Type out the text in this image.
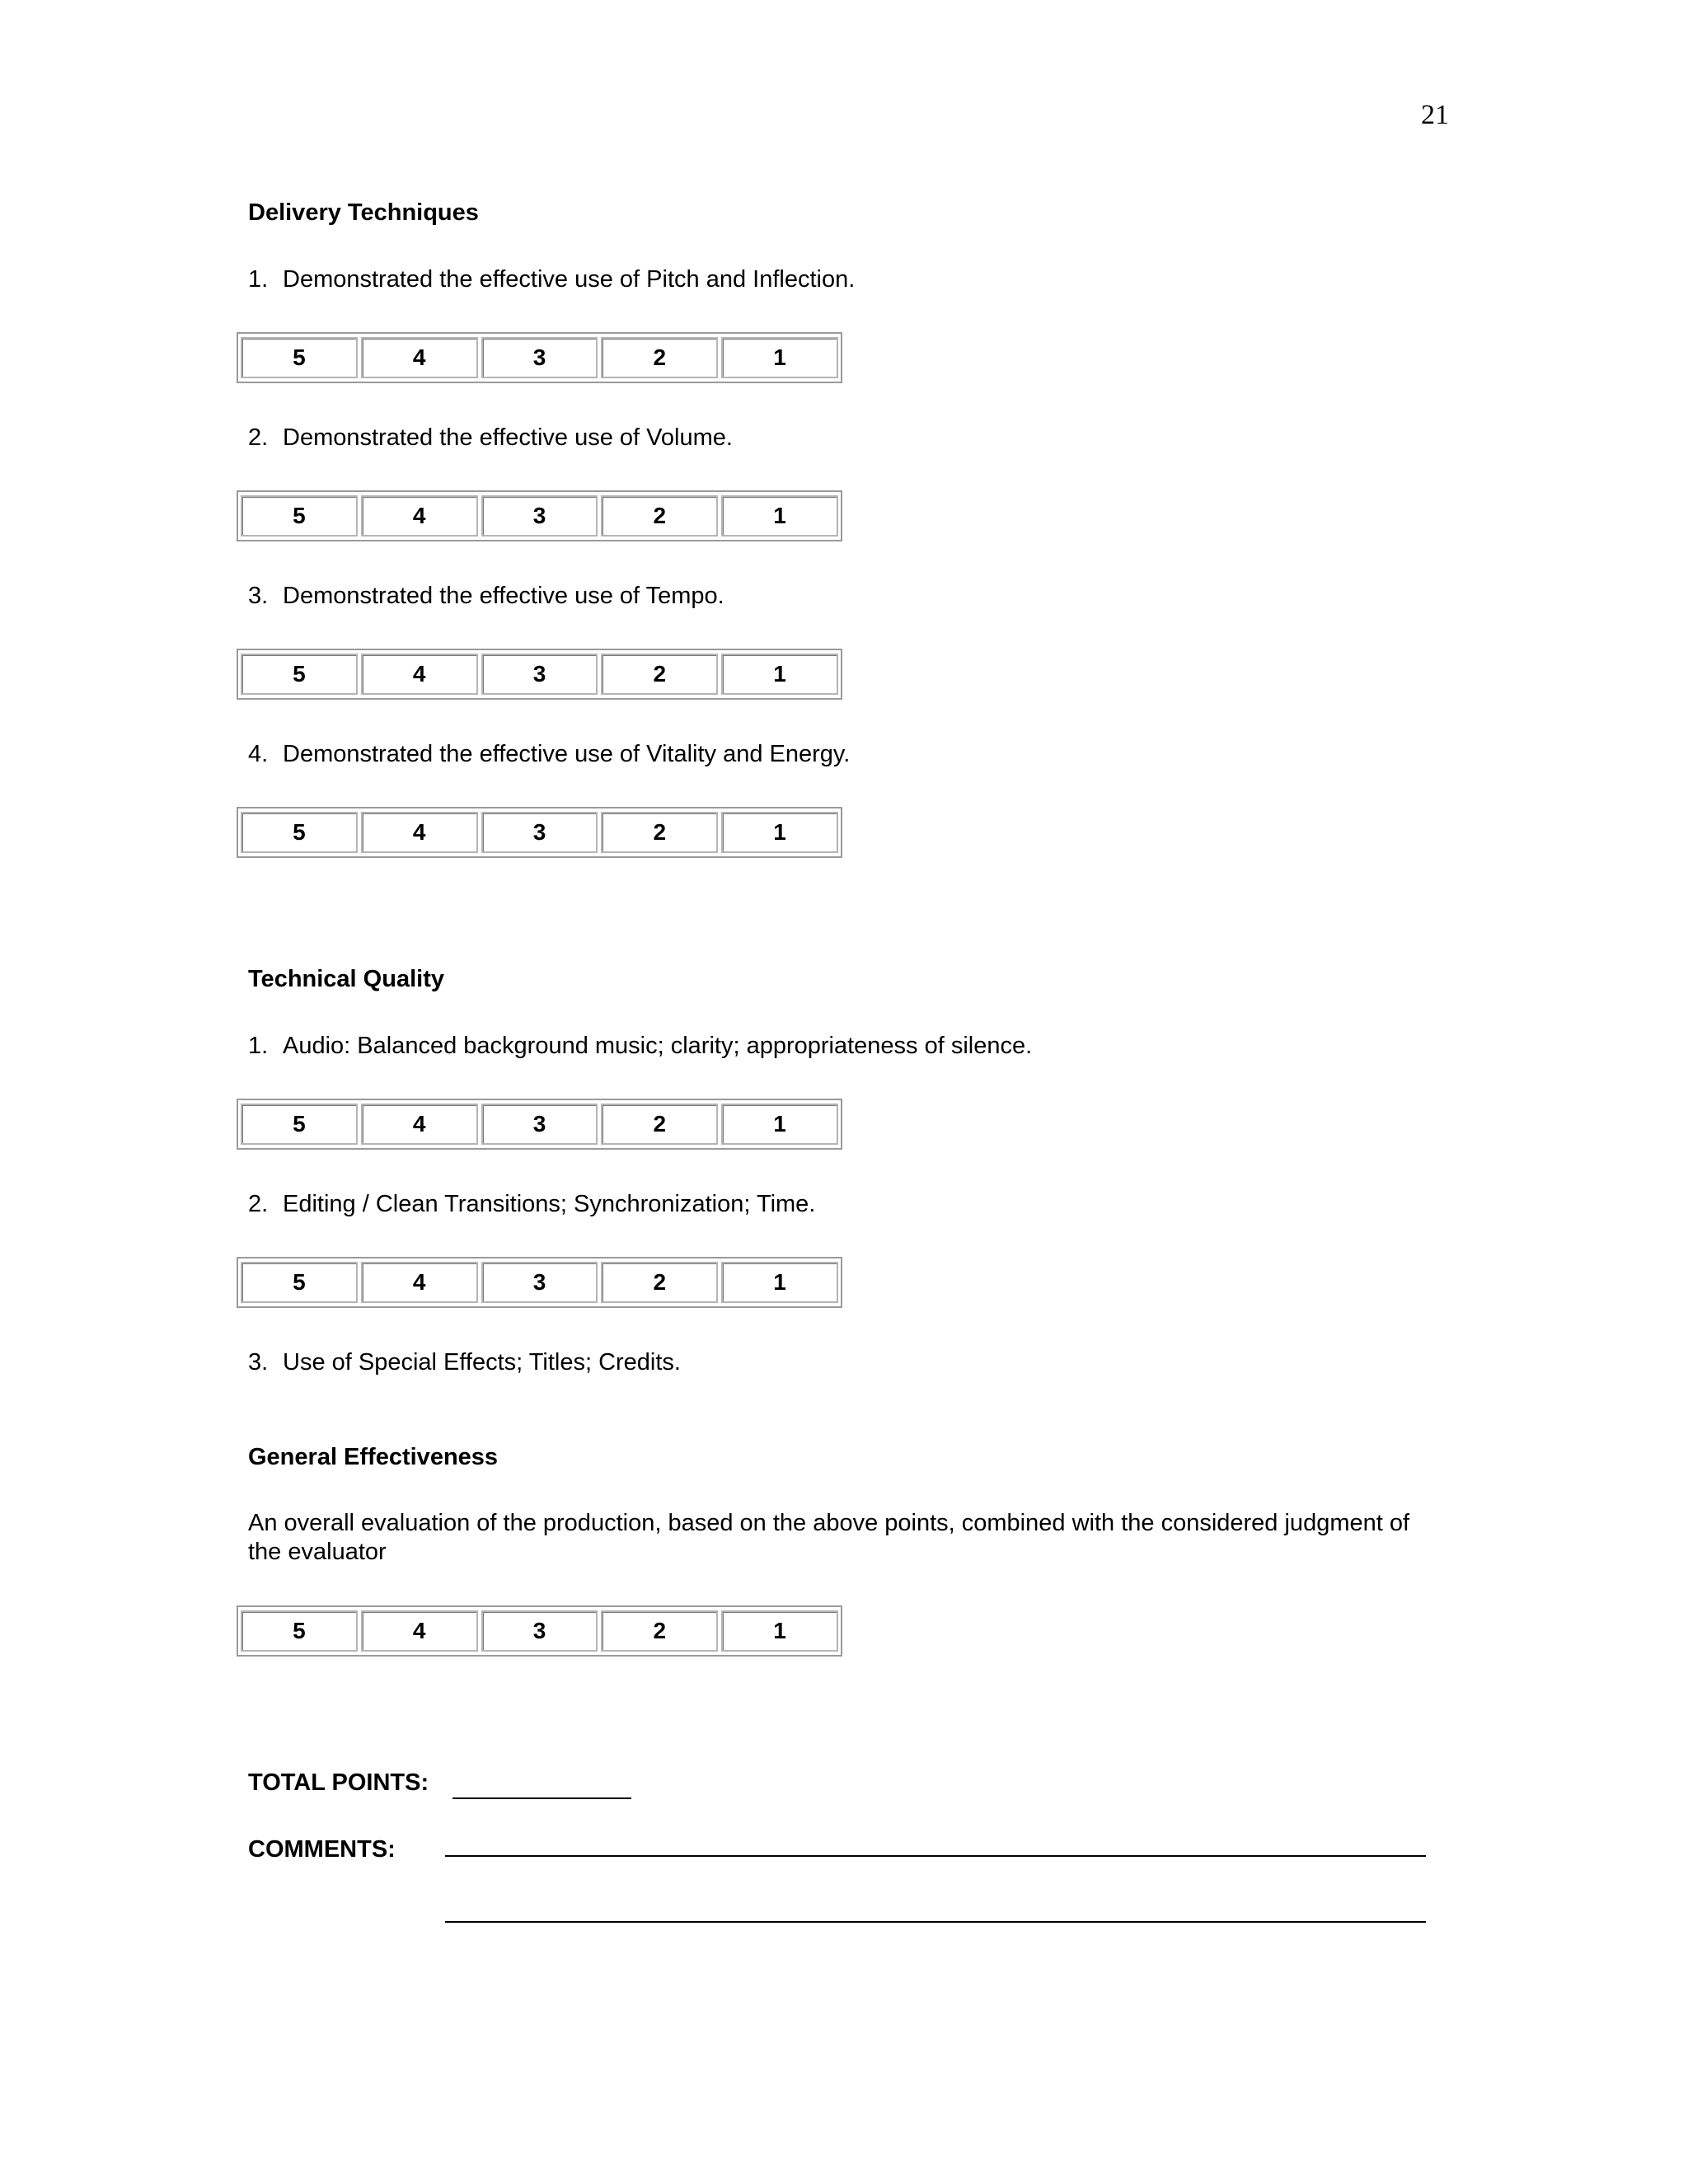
21
Delivery Techniques
1. Demonstrated the effective use of Pitch and Inflection.
5	4	3	2	1
2. Demonstrated the effective use of Volume.
5	4	3	2	1
3. Demonstrated the effective use of Tempo.
5	4	3	2	1
4. Demonstrated the effective use of Vitality and Energy.
5	4	3	2	1
Technical Quality
1. Audio: Balanced background music; clarity; appropriateness of silence.
5	4	3	2	1
2. Editing / Clean Transitions; Synchronization; Time.
5	4	3	2	1
3. Use of Special Effects; Titles; Credits.
General Effectiveness
An overall evaluation of the production, based on the above points, combined with the considered judgment of the evaluator
5	4	3	2	1
TOTAL POINTS:
COMMENTS:
